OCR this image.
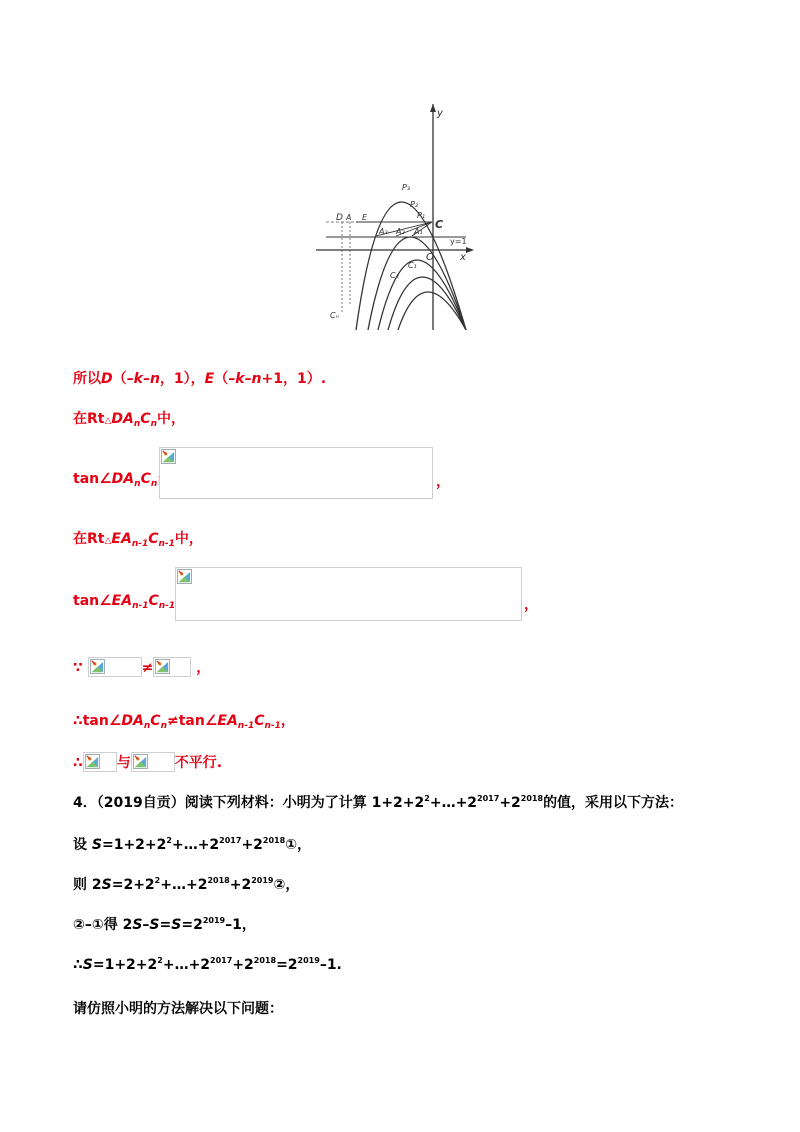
y
C
O	x
y=1
D A E
A₃ A₂ A₁
P₃
P₂
P₁
C₁
C₂
Cₙ
所以D（–k–n，1），E（–k–n+1，1）.
在$Rt\triangle DA_nC_n$中，
$\tan\angle DA_nC_n$	，
在$Rt\triangle EA_{n-1}C_{n-1}$中，
$\tan\angle EA_{n-1}C_{n-1}$	，
∵	≠	，
$\therefore\tan\angle DA_nC_n\ne\tan\angle EA_{n-1}C_{n-1}$，
∴ 与	不平行.
4．（2019自贡）阅读下列材料：小明为了计算 $1+2+2^2+\dots+2^{2017}+2^{2018}$的值，采用以下方法：
设 $S=1+2+2^2+\dots+2^{2017}+2^{2018}①$，
则 $2S=2+2^2+\dots+2^{2018}+2^{2019}②$，
②–①得 $2S-S=S=2^{2019}-1$，
$\therefore S=1+2+2^2+\dots+2^{2017}+2^{2018}=2^{2019}-1$.
请仿照小明的方法解决以下问题：
